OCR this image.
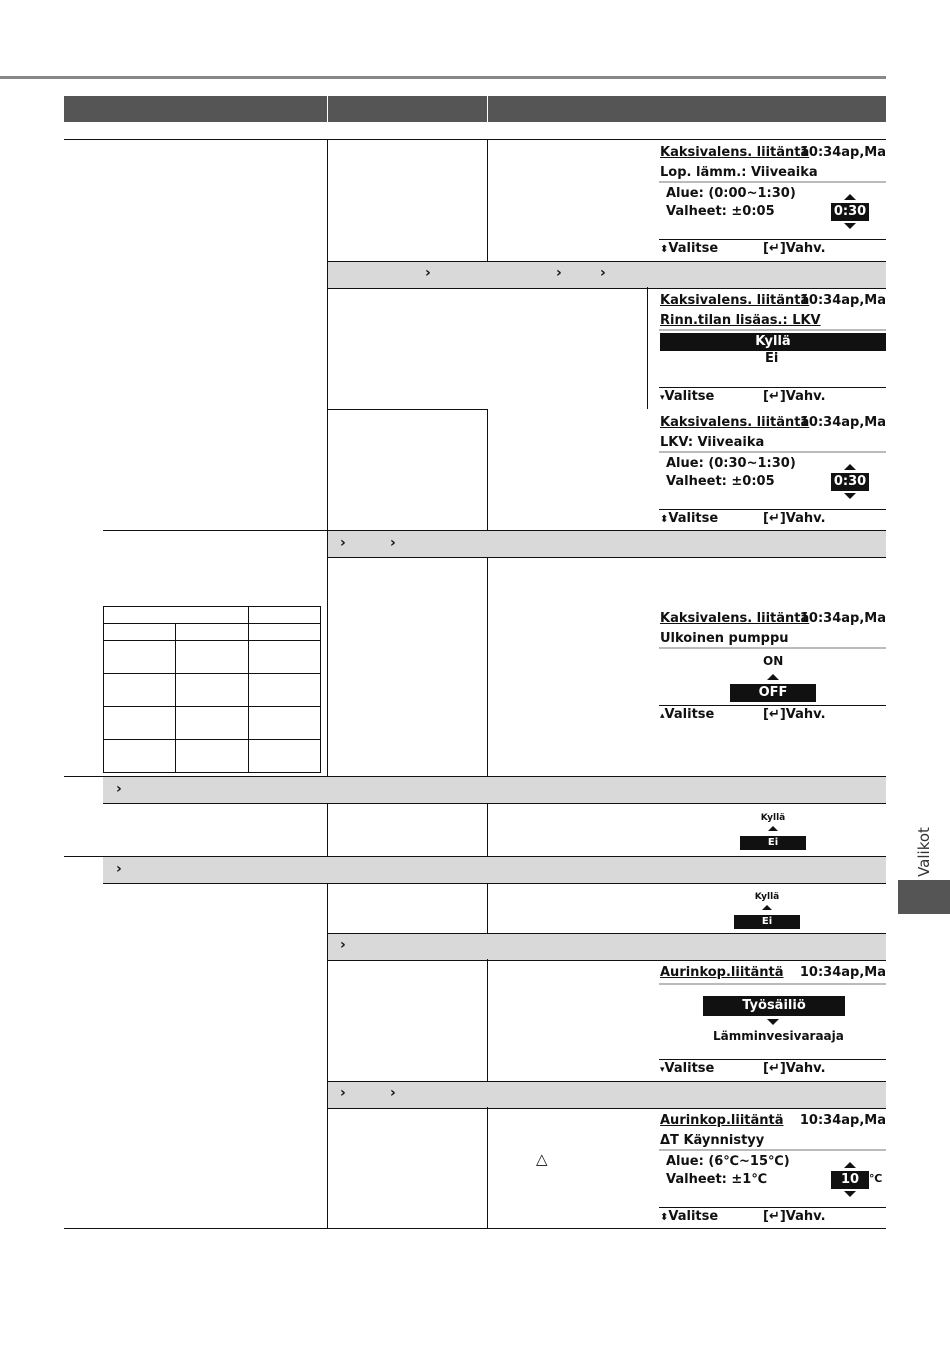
›	›	›
›	›
›
›
›
›	›

Kaksivalens. liitäntä
10:34ap,Ma
Lop. lämm.: Viiveaika
Alue: (0:00~1:30)
Valheet: ±0:05	0:30
⬍Valitse	[↵]Vahv.
Kaksivalens. liitäntä
10:34ap,Ma
Rinn.tilan lisäas.: LKV
Kyllä
Ei
▾Valitse	[↵]Vahv.
Kaksivalens. liitäntä
10:34ap,Ma
LKV: Viiveaika
Alue: (0:30~1:30)
Valheet: ±0:05	0:30
⬍Valitse	[↵]Vahv.
Kaksivalens. liitäntä
10:34ap,Ma
Ulkoinen pumppu
ON
OFF
▴Valitse	[↵]Vahv.
Kyllä
Ei
Kyllä
Ei
Aurinkop.liitäntä 10:34ap,Ma
Työsäiliö
Lämminvesivaraaja
▾Valitse	[↵]Vahv.
Aurinkop.liitäntä 10:34ap,Ma
ΔT Käynnistyy
Alue: (6℃~15℃)
Valheet: ±1℃	10 ℃
⬍Valitse	[↵]Vahv.
△
Valikot
